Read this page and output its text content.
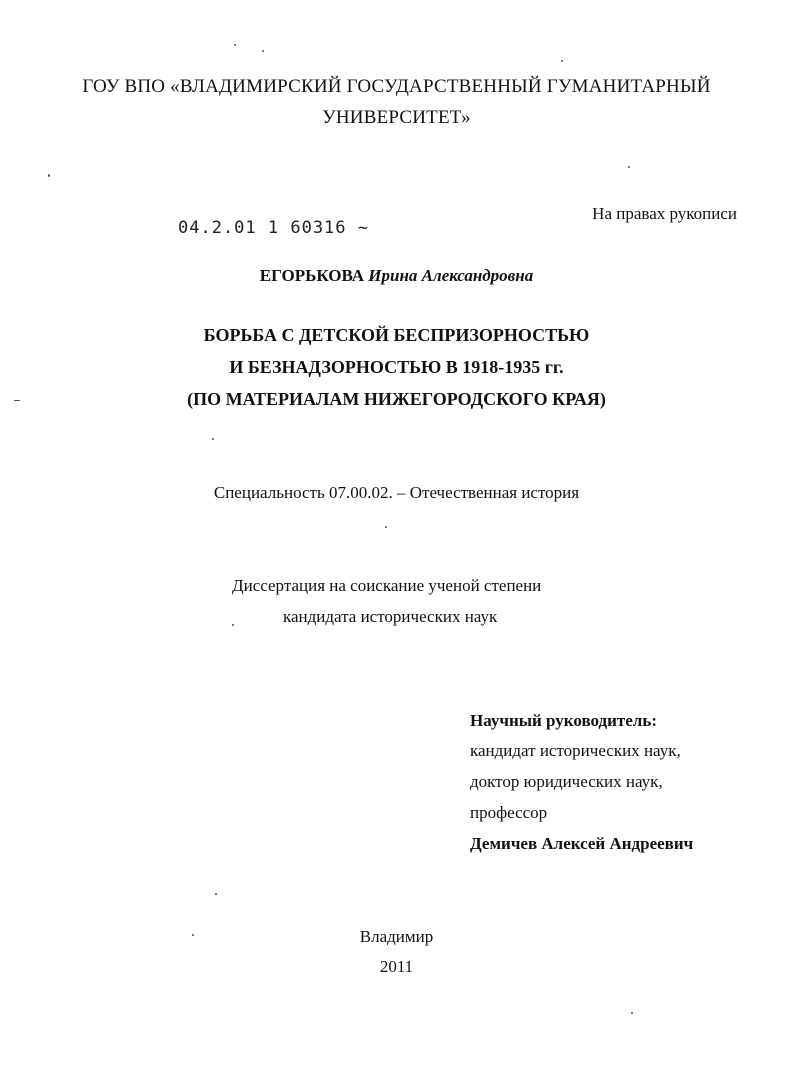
ГОУ ВПО «ВЛАДИМИРСКИЙ ГОСУДАРСТВЕННЫЙ ГУМАНИТАРНЫЙ
УНИВЕРСИТЕТ»
На правах рукописи
04.2.01 1 60316 ~
ЕГОРЬКОВА Ирина Александровна
БОРЬБА С ДЕТСКОЙ БЕСПРИЗОРНОСТЬЮ
И БЕЗНАДЗОРНОСТЬЮ В 1918-1935 гг.
(ПО МАТЕРИАЛАМ НИЖЕГОРОДСКОГО КРАЯ)
Специальность 07.00.02. – Отечественная история
Диссертация на соискание ученой степени
кандидата исторических наук
Научный руководитель:
кандидат исторических наук,
доктор юридических наук,
профессор
Демичев Алексей Андреевич
Владимир
2011
